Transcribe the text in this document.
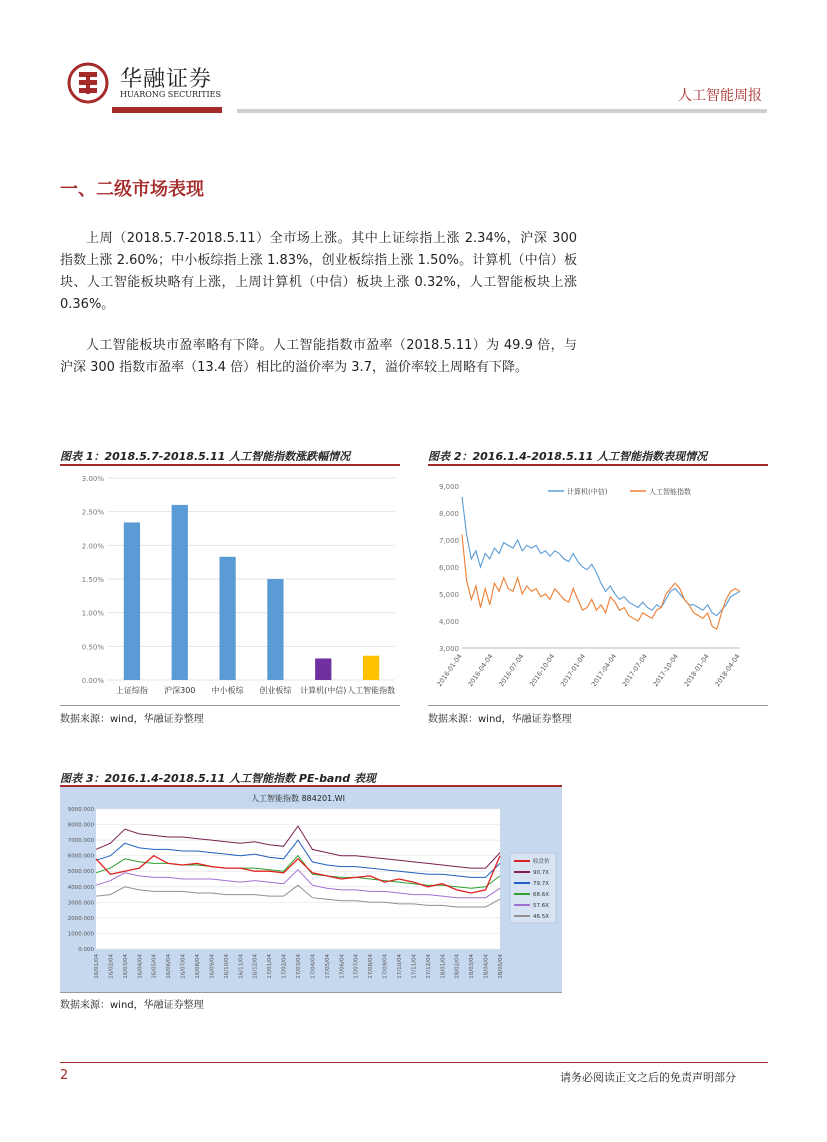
华融证券
HUARONG SECURITIES	人工智能周报
一、二级市场表现
上周（2018.5.7-2018.5.11）全市场上涨。其中上证综指上涨 2.34%，沪深 300 指数上涨 2.60%；中小板综指上涨 1.83%，创业板综指上涨 1.50%。计算机（中信）板块、人工智能板块略有上涨，上周计算机（中信）板块上涨 0.32%，人工智能板块上涨 0.36%。
人工智能板块市盈率略有下降。人工智能指数市盈率（2018.5.11）为 49.9 倍，与沪深 300 指数市盈率（13.4 倍）相比的溢价率为 3.7，溢价率较上周略有下降。
图表 1：2018.5.7-2018.5.11 人工智能指数涨跌幅情况
0.00%
0.50%
1.00%
1.50%
2.00%
2.50%
3.00%
上证综指 沪深300 中小板综 创业板综 计算机(中信) 人工智能指数
数据来源：wind，华融证券整理
图表 2：2016.1.4-2018.5.11 人工智能指数表现情况
3,000
4,000
5,000
6,000
7,000
8,000
9,000
2016-01-04 2016-04-04 2016-07-04 2016-10-04 2017-01-04 2017-04-04 2017-07-04 2017-10-04 2018-01-04 2018-04-04
计算机(中信)	人工智能指数
数据来源：wind，华融证券整理
图表 3：2016.1.4-2018.5.11 人工智能指数 PE-band 表现
人工智能指数 884201.WI
0.000
1000.000
2000.000
3000.000
4000.000
5000.000
6000.000
7000.000
8000.000
9000.000
16/01/04 16/02/04 16/03/04 16/04/04 16/05/04 16/06/04 16/07/04 16/08/04 16/09/04 16/10/04 16/11/04 16/12/04 17/01/04 17/02/04 17/03/04 17/04/04 17/05/04 17/06/04 17/07/04 17/08/04 17/09/04 17/10/04 17/11/04 17/12/04 18/01/04 18/02/04 18/03/04 18/04/04 18/05/04
收盘价
90.7X
79.7X
68.6X
57.6X
46.5X
数据来源：wind，华融证券整理
2	请务必阅读正文之后的免责声明部分
